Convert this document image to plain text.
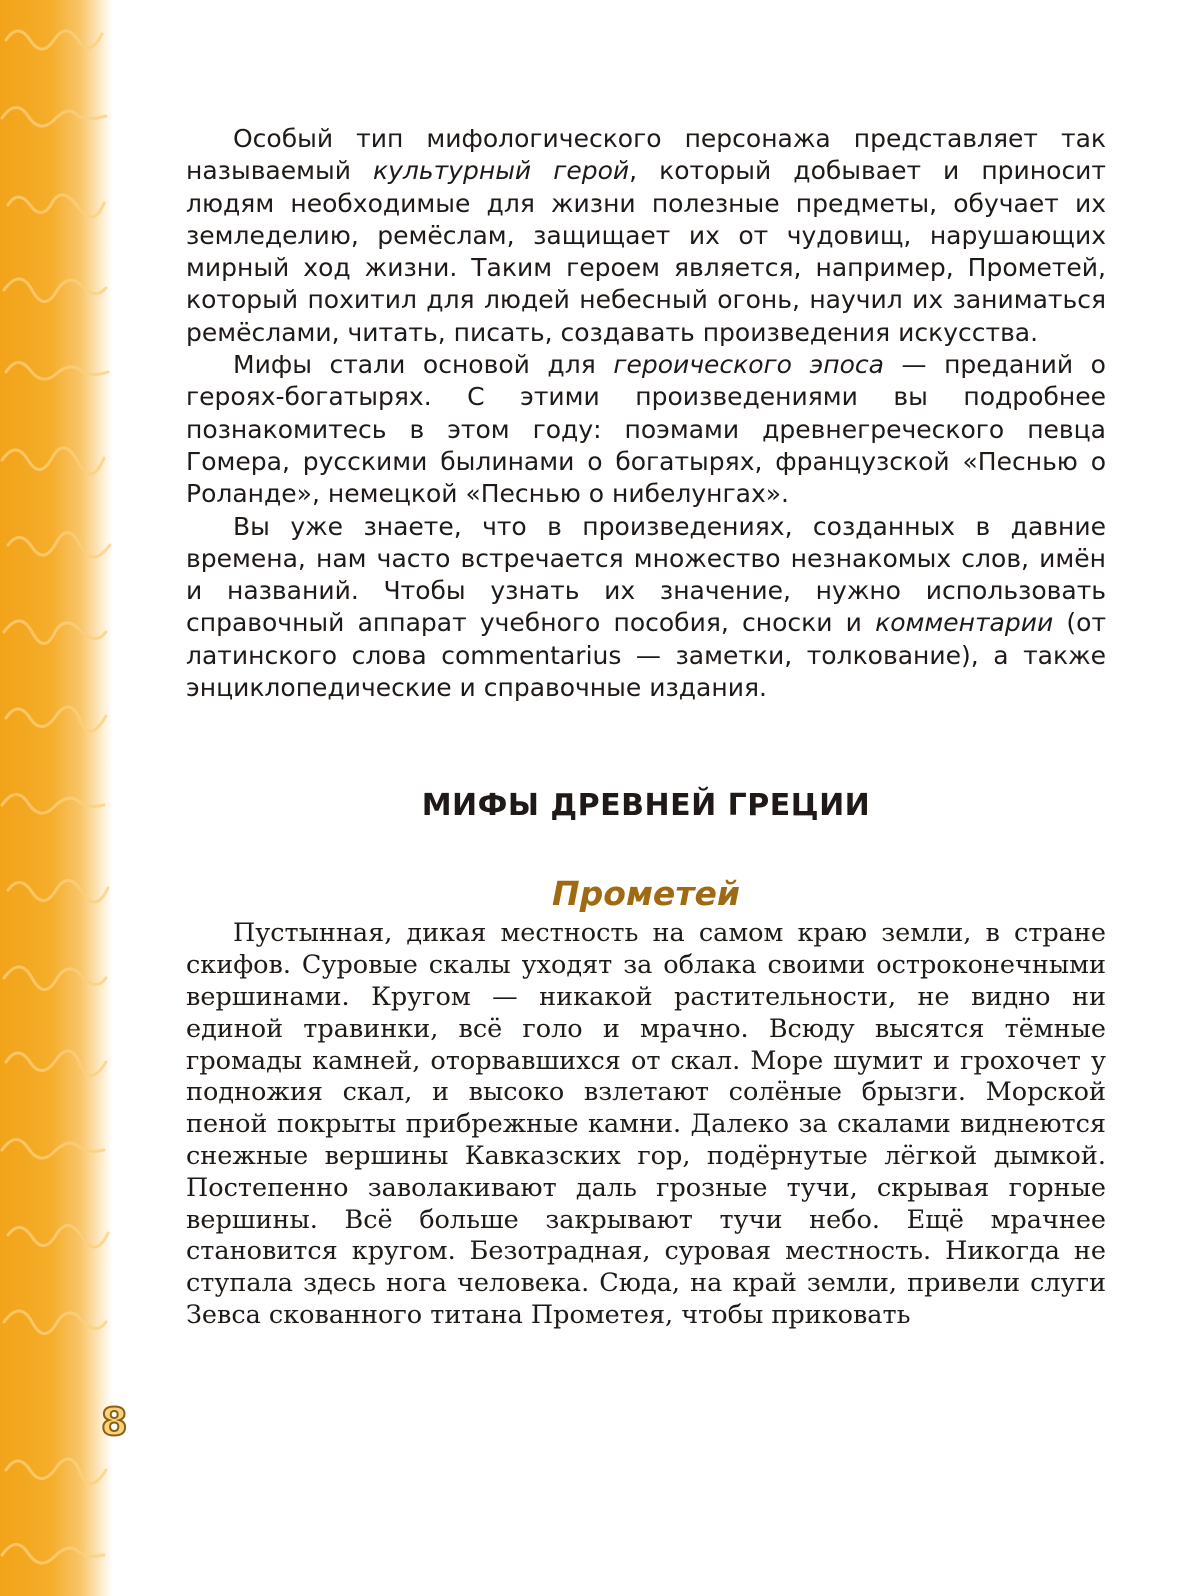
8

Особый тип мифологического персонажа представляет так называемый культурный герой, который добывает и приносит людям необходимые для жизни полезные предметы, обучает их земледелию, ремёслам, защищает их от чудовищ, нарушающих мирный ход жизни. Таким героем является, например, Прометей, который похитил для людей небесный огонь, научил их заниматься ремёслами, читать, писать, создавать произведения искусства.

Мифы стали основой для героического эпоса — преданий о героях-богатырях. С этими произведениями вы подробнее познакомитесь в этом году: поэмами древнегреческого певца Гомера, русскими былинами о богатырях, французской «Песнью о Роланде», немецкой «Песнью о нибелунгах».

Вы уже знаете, что в произведениях, созданных в давние времена, нам часто встречается множество незнакомых слов, имён и названий. Чтобы узнать их значение, нужно использовать справочный аппарат учебного пособия, сноски и комментарии (от латинского слова commentarius — заметки, толкование), а также энциклопедические и справочные издания.

МИФЫ ДРЕВНЕЙ ГРЕЦИИ
Прометей

Пустынная, дикая местность на самом краю земли, в стране скифов. Суровые скалы уходят за облака своими остроконечными вершинами. Кругом — никакой растительности, не видно ни единой травинки, всё голо и мрачно. Всюду высятся тёмные громады камней, оторвавшихся от скал. Море шумит и грохочет у подножия скал, и высоко взлетают солёные брызги. Морской пеной покрыты прибрежные камни. Далеко за скалами виднеются снежные вершины Кавказских гор, подёрнутые лёгкой дымкой. Постепенно заволакивают даль грозные тучи, скрывая горные вершины. Всё больше закрывают тучи небо. Ещё мрачнее становится кругом. Безотрадная, суровая местность. Никогда не ступала здесь нога человека. Сюда, на край земли, привели слуги Зевса скованного титана Прометея, чтобы приковать
